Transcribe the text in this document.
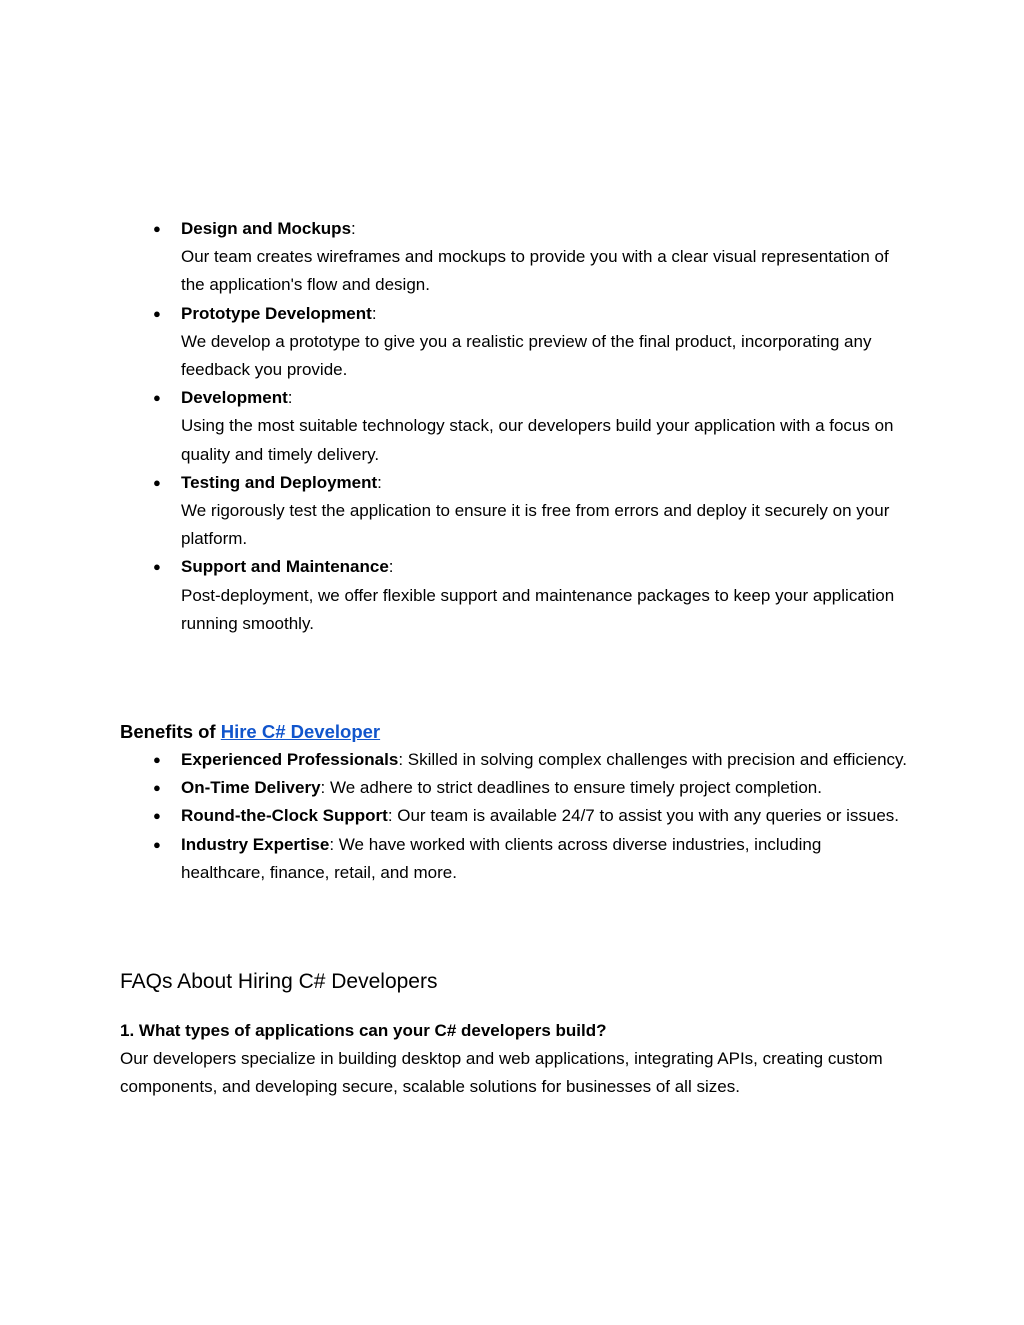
● Design and Mockups:
Our team creates wireframes and mockups to provide you with a clear visual representation of the application's flow and design.
● Prototype Development:
We develop a prototype to give you a realistic preview of the final product, incorporating any feedback you provide.
● Development:
Using the most suitable technology stack, our developers build your application with a focus on quality and timely delivery.
● Testing and Deployment:
We rigorously test the application to ensure it is free from errors and deploy it securely on your platform.
● Support and Maintenance:
Post-deployment, we offer flexible support and maintenance packages to keep your application running smoothly.
Benefits of Hire C# Developer
● Experienced Professionals: Skilled in solving complex challenges with precision and efficiency.
● On-Time Delivery: We adhere to strict deadlines to ensure timely project completion.
● Round-the-Clock Support: Our team is available 24/7 to assist you with any queries or issues.
● Industry Expertise: We have worked with clients across diverse industries, including healthcare, finance, retail, and more.
FAQs About Hiring C# Developers
1. What types of applications can your C# developers build?

Our developers specialize in building desktop and web applications, integrating APIs, creating custom components, and developing secure, scalable solutions for businesses of all sizes.
